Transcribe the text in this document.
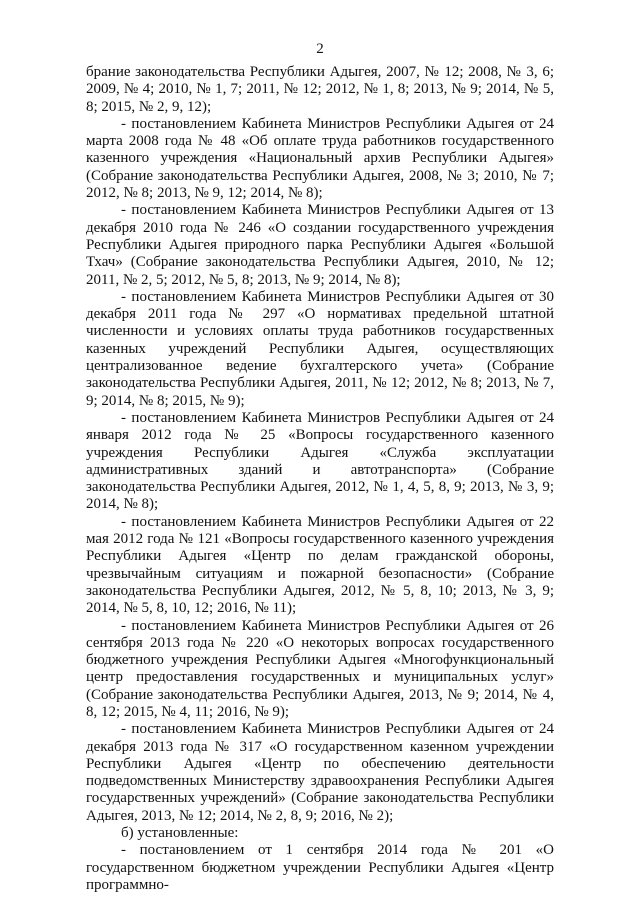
2

брание законодательства Республики Адыгея, 2007, № 12; 2008, № 3, 6; 2009, № 4; 2010, № 1, 7; 2011, № 12; 2012, № 1, 8; 2013, № 9; 2014, № 5, 8; 2015, № 2, 9, 12);

- постановлением Кабинета Министров Республики Адыгея от 24 марта 2008 года № 48 «Об оплате труда работников государственного казенного учреждения «Национальный архив Республики Адыгея» (Собрание законодательства Республики Адыгея, 2008, № 3; 2010, № 7; 2012, № 8; 2013, № 9, 12; 2014, № 8);

- постановлением Кабинета Министров Республики Адыгея от 13 декабря 2010 года № 246 «О создании государственного учреждения Республики Адыгея природного парка Республики Адыгея «Большой Тхач» (Собрание законодательства Республики Адыгея, 2010, № 12; 2011, № 2, 5; 2012, № 5, 8; 2013, № 9; 2014, № 8);

- постановлением Кабинета Министров Республики Адыгея от 30 декабря 2011 года № 297 «О нормативах предельной штатной численности и условиях оплаты труда работников государственных казенных учреждений Республики Адыгея, осуществляющих централизованное ведение бухгалтерского учета» (Собрание законодательства Республики Адыгея, 2011, № 12; 2012, № 8; 2013, № 7, 9; 2014, № 8; 2015, № 9);

- постановлением Кабинета Министров Республики Адыгея от 24 января 2012 года № 25 «Вопросы государственного казенного учреждения Республики Адыгея «Служба эксплуатации административных зданий и автотранспорта» (Собрание законодательства Республики Адыгея, 2012, № 1, 4, 5, 8, 9; 2013, № 3, 9; 2014, № 8);

- постановлением Кабинета Министров Республики Адыгея от 22 мая 2012 года № 121 «Вопросы государственного казенного учреждения Республики Адыгея «Центр по делам гражданской обороны, чрезвычайным ситуациям и пожарной безопасности» (Собрание законодательства Республики Адыгея, 2012, № 5, 8, 10; 2013, № 3, 9; 2014, № 5, 8, 10, 12; 2016, № 11);

- постановлением Кабинета Министров Республики Адыгея от 26 сентября 2013 года № 220 «О некоторых вопросах государственного бюджетного учреждения Республики Адыгея «Многофункциональный центр предоставления государственных и муниципальных услуг» (Собрание законодательства Республики Адыгея, 2013, № 9; 2014, № 4, 8, 12; 2015, № 4, 11; 2016, № 9);

- постановлением Кабинета Министров Республики Адыгея от 24 декабря 2013 года № 317 «О государственном казенном учреждении Республики Адыгея «Центр по обеспечению деятельности подведомственных Министерству здравоохранения Республики Адыгея государственных учреждений» (Собрание законодательства Республики Адыгея, 2013, № 12; 2014, № 2, 8, 9; 2016, № 2);

б) установленные:

- постановлением от 1 сентября 2014 года № 201 «О государственном бюджетном учреждении Республики Адыгея «Центр программно-
